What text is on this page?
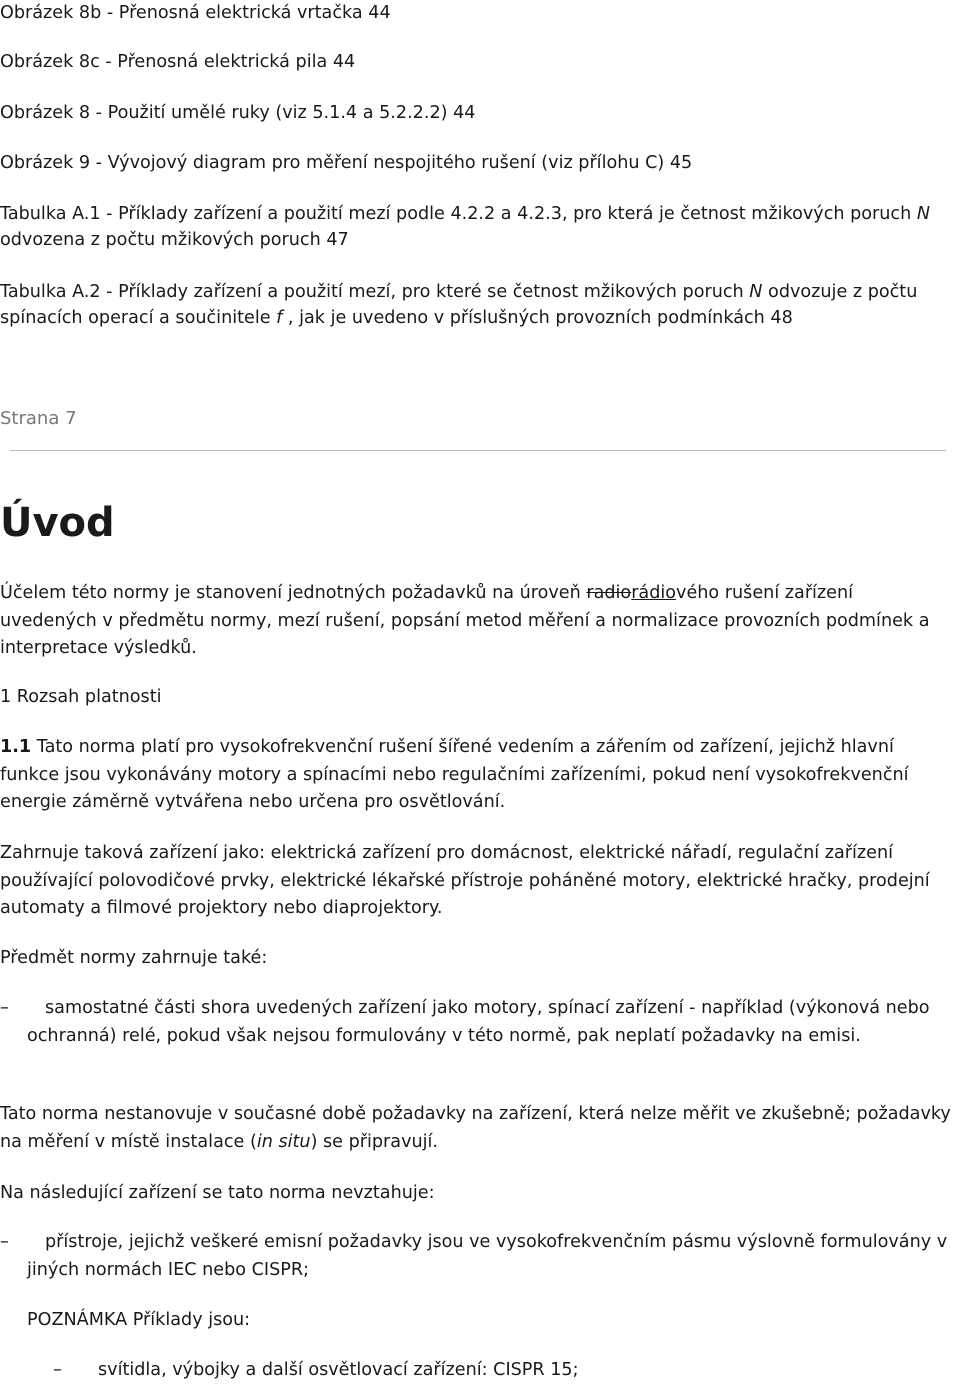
Obrázek 8b - Přenosná elektrická vrtačka 44

Obrázek 8c - Přenosná elektrická pila 44

Obrázek 8 - Použití umělé ruky (viz 5.1.4 a 5.2.2.2) 44

Obrázek 9 - Vývojový diagram pro měření nespojitého rušení (viz přílohu C) 45

Tabulka A.1 - Příklady zařízení a použití mezí podle 4.2.2 a 4.2.3, pro která je četnost mžikových poruch N odvozena z počtu mžikových poruch 47

Tabulka A.2 - Příklady zařízení a použití mezí, pro které se četnost mžikových poruch N odvozuje z počtu spínacích operací a součinitele f , jak je uvedeno v příslušných provozních podmínkách 48

Strana 7
Úvod

Účelem této normy je stanovení jednotných požadavků na úroveň radiorádiového rušení zařízení uvedených v předmětu normy, mezí rušení, popsání metod měření a normalizace provozních podmínek a interpretace výsledků.

1 Rozsah platnosti

1.1 Tato norma platí pro vysokofrekvenční rušení šířené vedením a zářením od zařízení, jejichž hlavní funkce jsou vykonávány motory a spínacími nebo regulačními zařízeními, pokud není vysokofrekvenční energie záměrně vytvářena nebo určena pro osvětlování.

Zahrnuje taková zařízení jako: elektrická zařízení pro domácnost, elektrické nářadí, regulační zařízení používající polovodičové prvky, elektrické lékařské přístroje poháněné motory, elektrické hračky, prodejní automaty a filmové projektory nebo diaprojektory.

Předmět normy zahrnuje také:

–	samostatné části shora uvedených zařízení jako motory, spínací zařízení - například (výkonová nebo ochranná) relé, pokud však nejsou formulovány v této normě, pak neplatí požadavky na emisi.

Tato norma nestanovuje v současné době požadavky na zařízení, která nelze měřit ve zkušebně; požadavky na měření v místě instalace (in situ) se připravují.

Na následující zařízení se tato norma nevztahuje:

–	přístroje, jejichž veškeré emisní požadavky jsou ve vysokofrekvenčním pásmu výslovně formulovány v jiných normách IEC nebo CISPR;
POZNÁMKA Příklady jsou:
–	svítidla, výbojky a další osvětlovací zařízení: CISPR 15;
